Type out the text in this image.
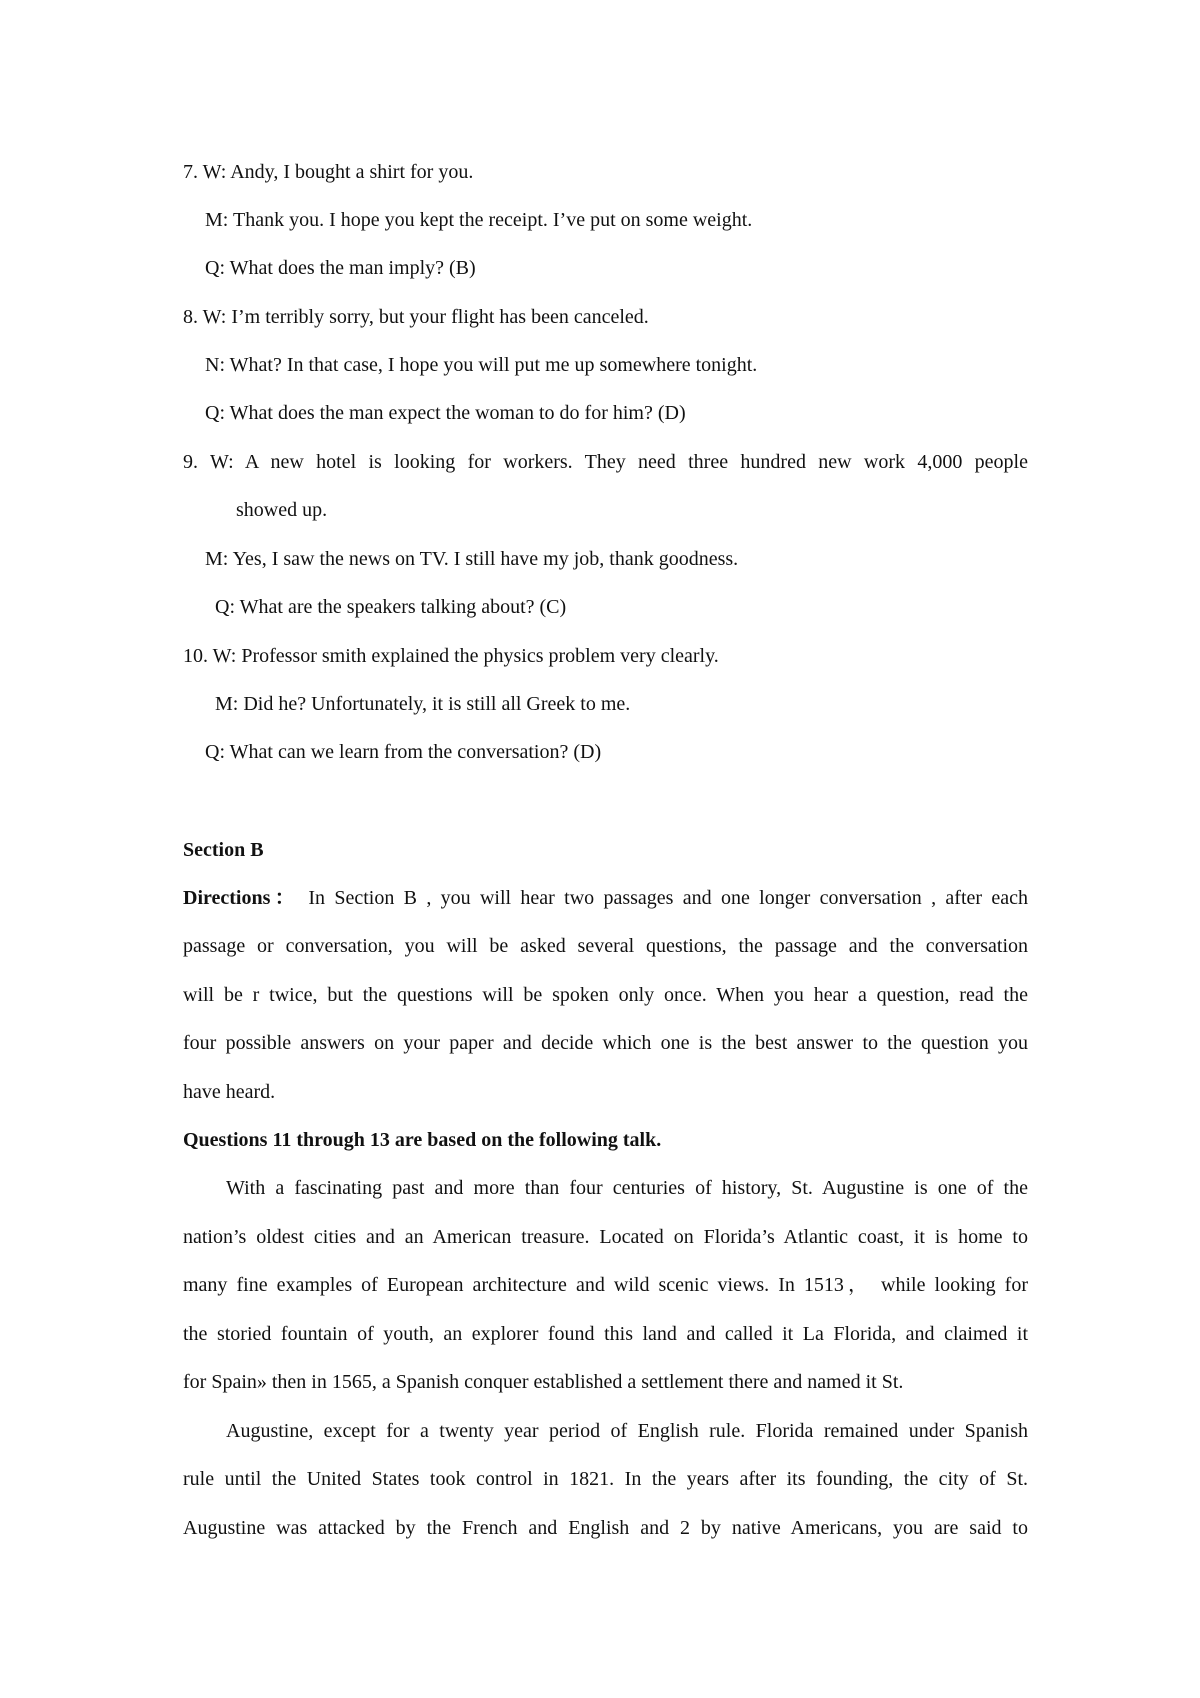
7. W: Andy, I bought a shirt for you.
M: Thank you. I hope you kept the receipt. I’ve put on some weight.
Q: What does the man imply? (B)
8. W: I’m terribly sorry, but your flight has been canceled.
N: What? In that case, I hope you will put me up somewhere tonight.
Q: What does the man expect the woman to do for him? (D)
9. W: A new hotel is looking for workers. They need three hundred new work 4,000 people
showed up.
M: Yes, I saw the news on TV. I still have my job, thank goodness.
Q: What are the speakers talking about? (C)
10. W: Professor smith explained the physics problem very clearly.
M: Did he? Unfortunately, it is still all Greek to me.
Q: What can we learn from the conversation? (D)
Section B
Directions： In Section B , you will hear two passages and one longer conversation , after each
passage or conversation, you will be asked several questions, the passage and the conversation
will be r twice, but the questions will be spoken only once. When you hear a question, read the
four possible answers on your paper and decide which one is the best answer to the question you
have heard.
Questions 11 through 13 are based on the following talk.
With a fascinating past and more than four centuries of history, St. Augustine is one of the
nation’s oldest cities and an American treasure. Located on Florida’s Atlantic coast, it is home to
many fine examples of European architecture and wild scenic views. In 1513， while looking for
the storied fountain of youth, an explorer found this land and called it La Florida, and claimed it
for Spain» then in 1565, a Spanish conquer established a settlement there and named it St.
Augustine, except for a twenty year period of English rule. Florida remained under Spanish
rule until the United States took control in 1821. In the years after its founding, the city of St.
Augustine was attacked by the French and English and 2 by native Americans, you are said to
